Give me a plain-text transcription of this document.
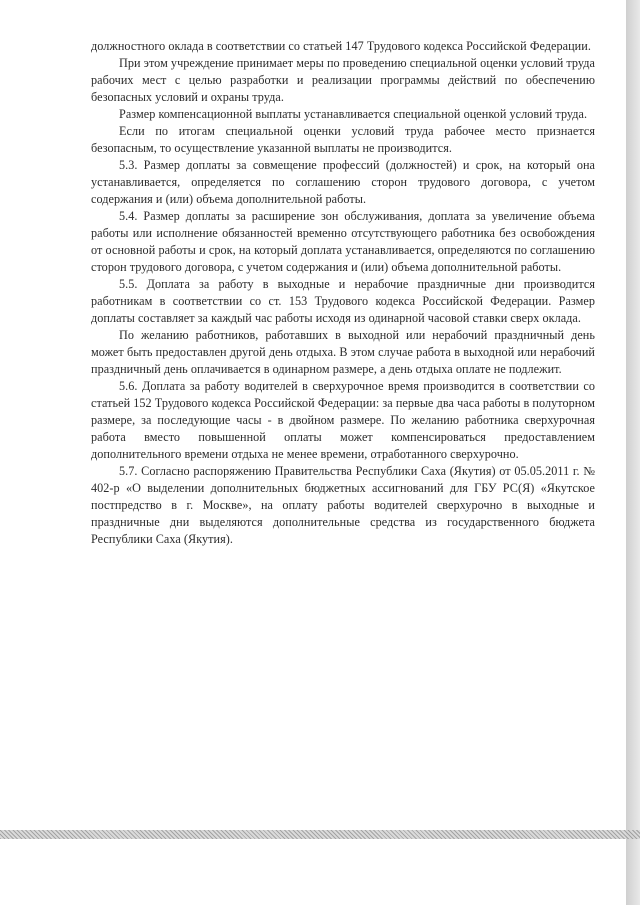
должностного оклада в соответствии со статьей 147 Трудового кодекса Российской Федерации.

При этом учреждение принимает меры по проведению специальной оценки условий труда рабочих мест с целью разработки и реализации программы действий по обеспечению безопасных условий и охраны труда.

Размер компенсационной выплаты устанавливается специальной оценкой условий труда.

Если по итогам специальной оценки условий труда рабочее место признается безопасным, то осуществление указанной выплаты не производится.

5.3. Размер доплаты за совмещение профессий (должностей) и срок, на который она устанавливается, определяется по соглашению сторон трудового договора, с учетом содержания и (или) объема дополнительной работы.

5.4. Размер доплаты за расширение зон обслуживания, доплата за увеличение объема работы или исполнение обязанностей временно отсутствующего работника без освобождения от основной работы и срок, на который доплата устанавливается, определяются по соглашению сторон трудового договора, с учетом содержания и (или) объема дополнительной работы.

5.5. Доплата за работу в выходные и нерабочие праздничные дни производится работникам в соответствии со ст. 153 Трудового кодекса Российской Федерации. Размер доплаты составляет за каждый час работы исходя из одинарной часовой ставки сверх оклада.

По желанию работников, работавших в выходной или нерабочий праздничный день может быть предоставлен другой день отдыха. В этом случае работа в выходной или нерабочий праздничный день оплачивается в одинарном размере, а день отдыха оплате не подлежит.

5.6. Доплата за работу водителей в сверхурочное время производится в соответствии со статьей 152 Трудового кодекса Российской Федерации: за первые два часа работы в полуторном размере, за последующие часы - в двойном размере. По желанию работника сверхурочная работа вместо повышенной оплаты может компенсироваться предоставлением дополнительного времени отдыха не менее времени, отработанного сверхурочно.

5.7. Согласно распоряжению Правительства Республики Саха (Якутия) от 05.05.2011 г. № 402-р «О выделении дополнительных бюджетных ассигнований для ГБУ РС(Я) «Якутское постпредство в г. Москве», на оплату работы водителей сверхурочно в выходные и праздничные дни выделяются дополнительные средства из государственного бюджета Республики Саха (Якутия).
